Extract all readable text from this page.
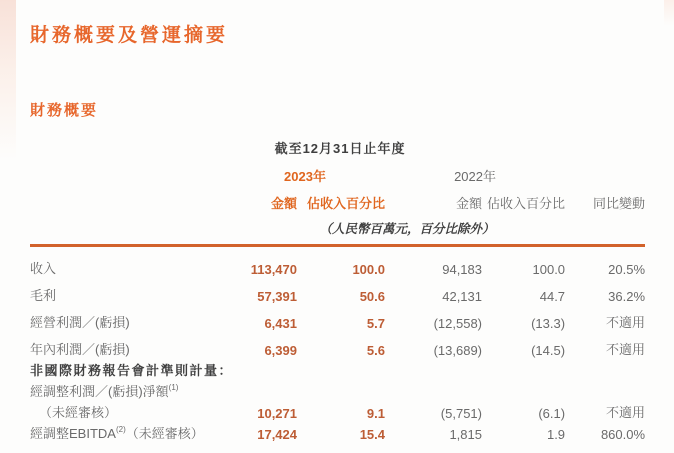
財務概要及營運摘要
財務概要
	截至12月31日止年度				
	2023年		2022年		
	金額	佔收入百分比	金額	佔收入百分比	同比變動
	（人民幣百萬元，百分比除外）				
收入	113,470	100.0	94,183	100.0	20.5%
毛利	57,391	50.6	42,131	44.7	36.2%
經營利潤／(虧損)	6,431	5.7	(12,558)	(13.3)	不適用
年內利潤／(虧損)	6,399	5.6	(13,689)	(14.5)	不適用
非國際財務報告會計準則計量：					
經調整利潤／(虧損)淨額$^{(1)}$
（未經審核）	10,271	9.1	(5,751)	(6.1)	不適用
經調整EBITDA$^{(2)}$（未經審核）	17,424	15.4	1,815	1.9	860.0%
